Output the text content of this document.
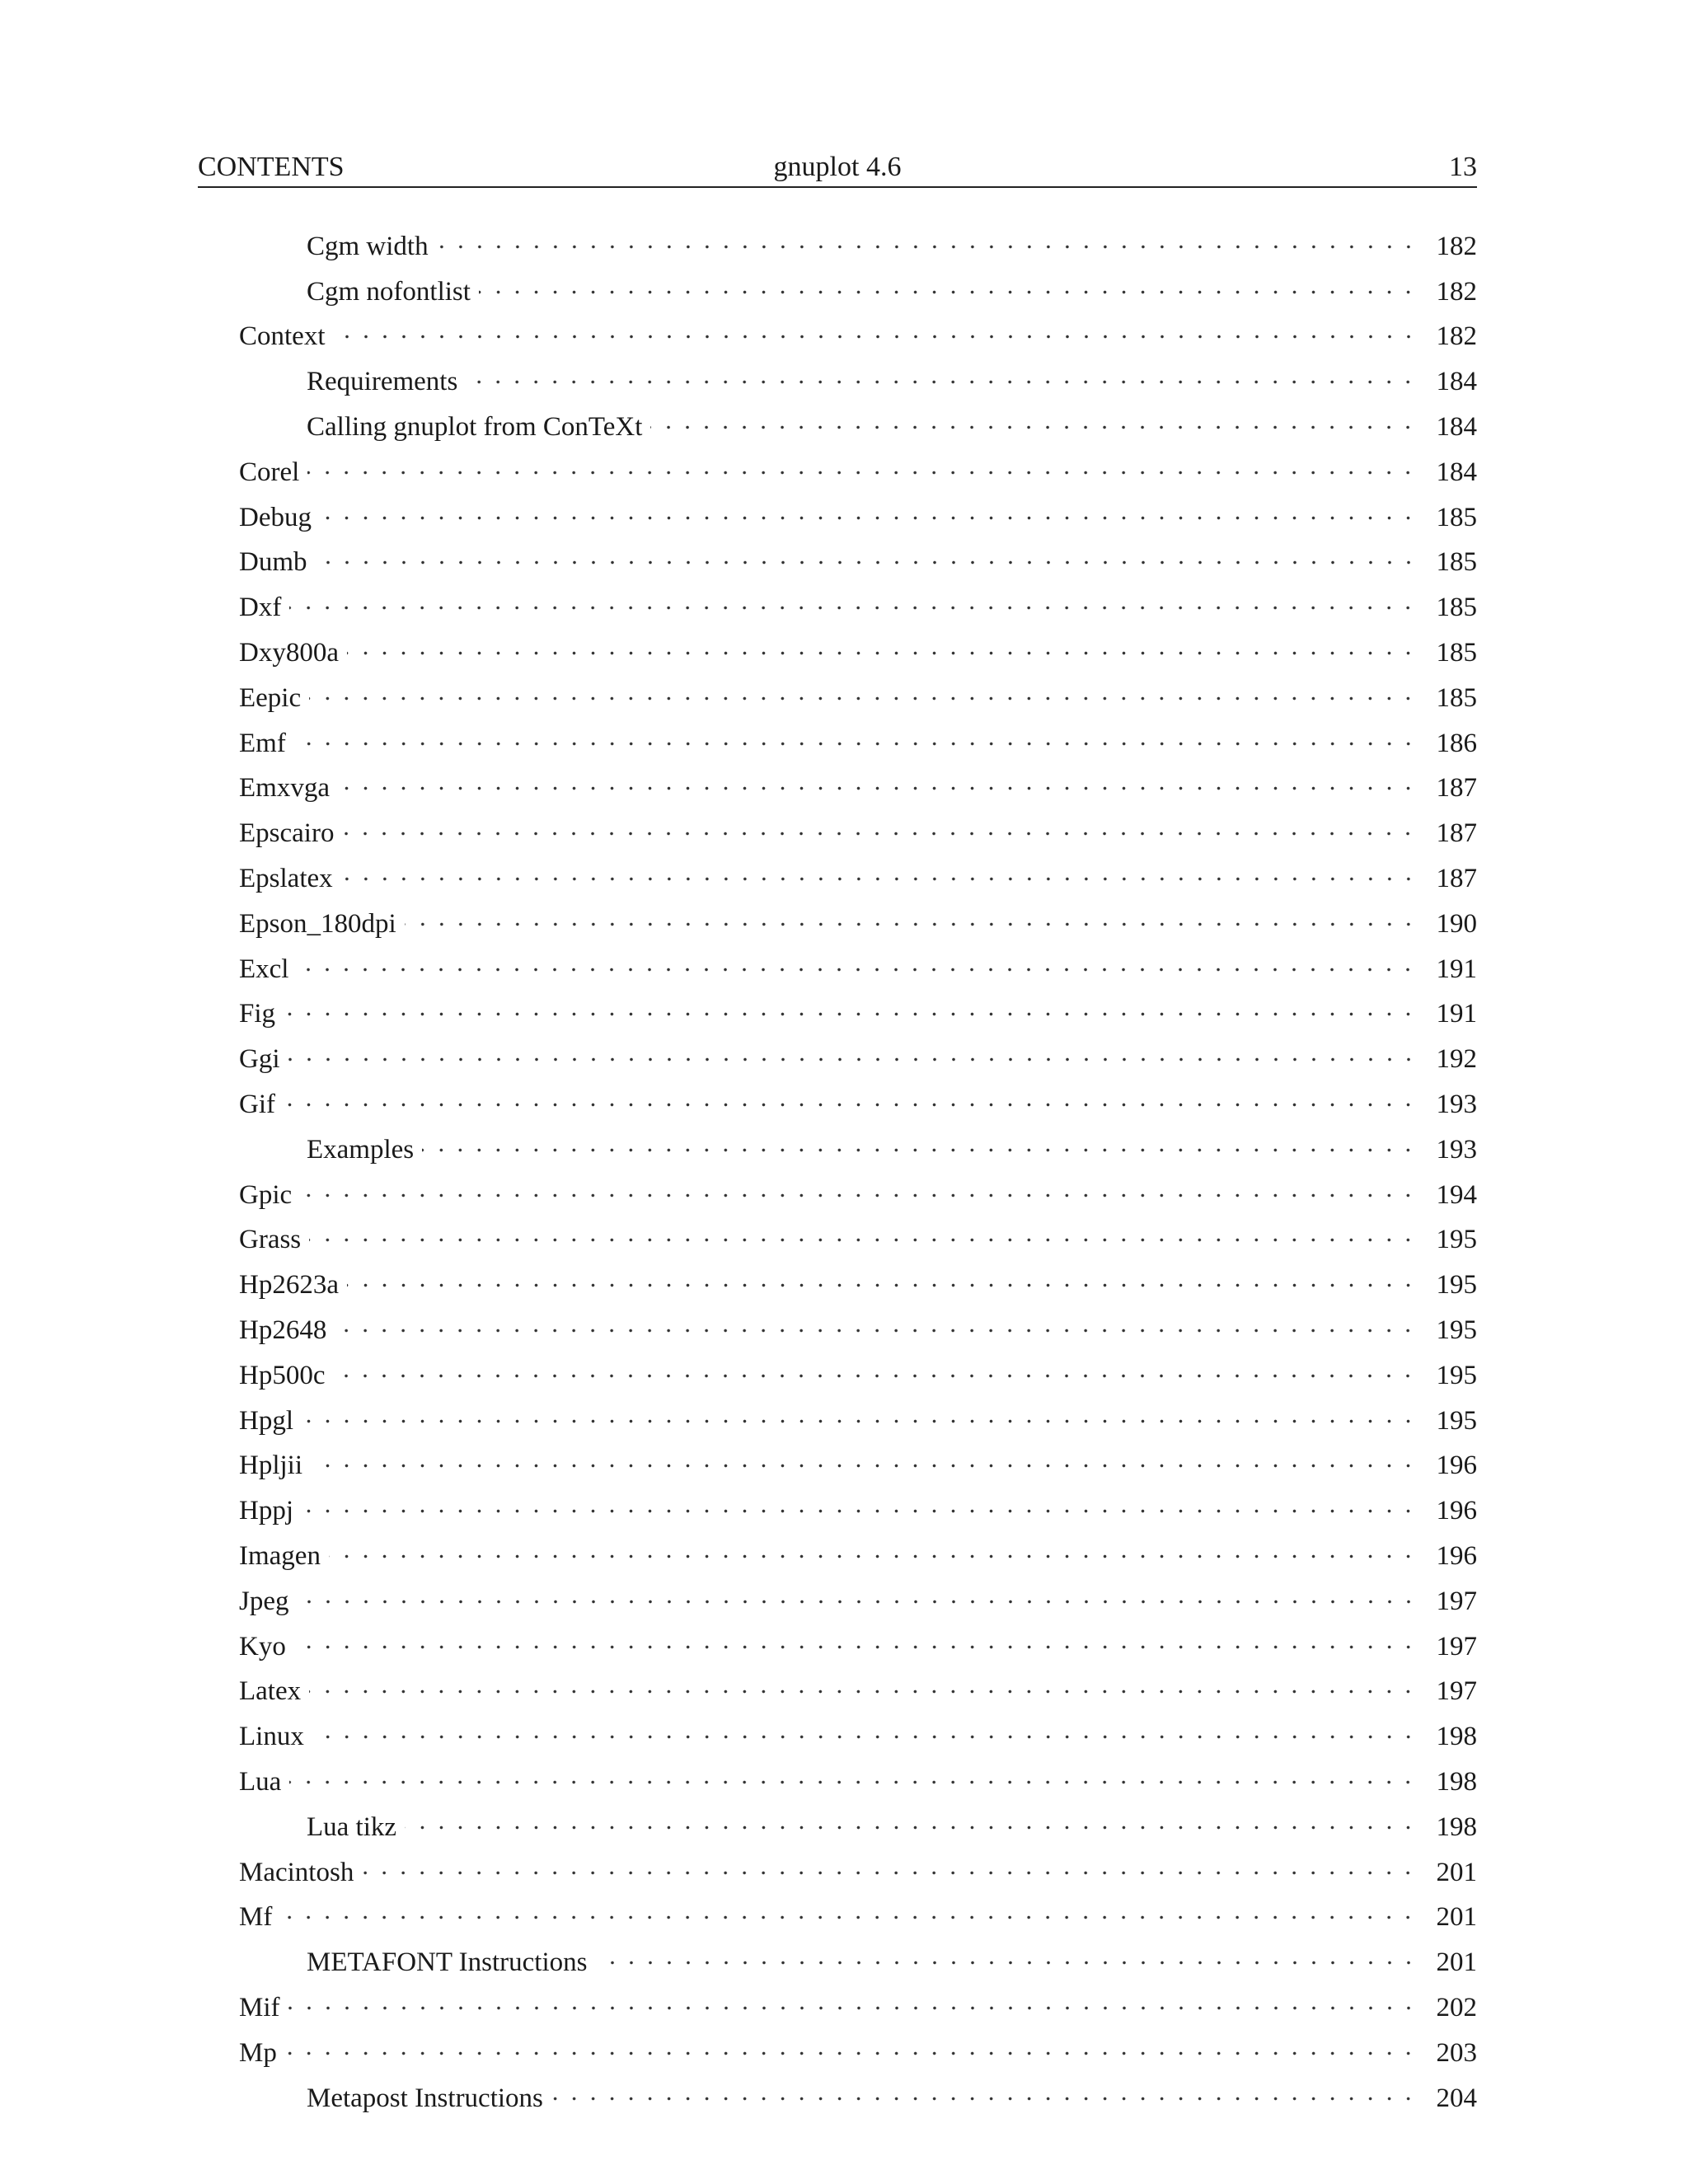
CONTENTS	gnuplot 4.6	13
Cgm width	182
Cgm nofontlist	182
Context	182
Requirements	184
Calling gnuplot from ConTeXt	184
Corel	184
Debug	185
Dumb	185
Dxf	185
Dxy800a	185
Eepic	185
Emf	186
Emxvga	187
Epscairo	187
Epslatex	187
Epson_180dpi	190
Excl	191
Fig	191
Ggi	192
Gif	193
Examples	193
Gpic	194
Grass	195
Hp2623a	195
Hp2648	195
Hp500c	195
Hpgl	195
Hpljii	196
Hppj	196
Imagen	196
Jpeg	197
Kyo	197
Latex	197
Linux	198
Lua	198
Lua tikz	198
Macintosh	201
Mf	201
METAFONT Instructions	201
Mif	202
Mp	203
Metapost Instructions	204
